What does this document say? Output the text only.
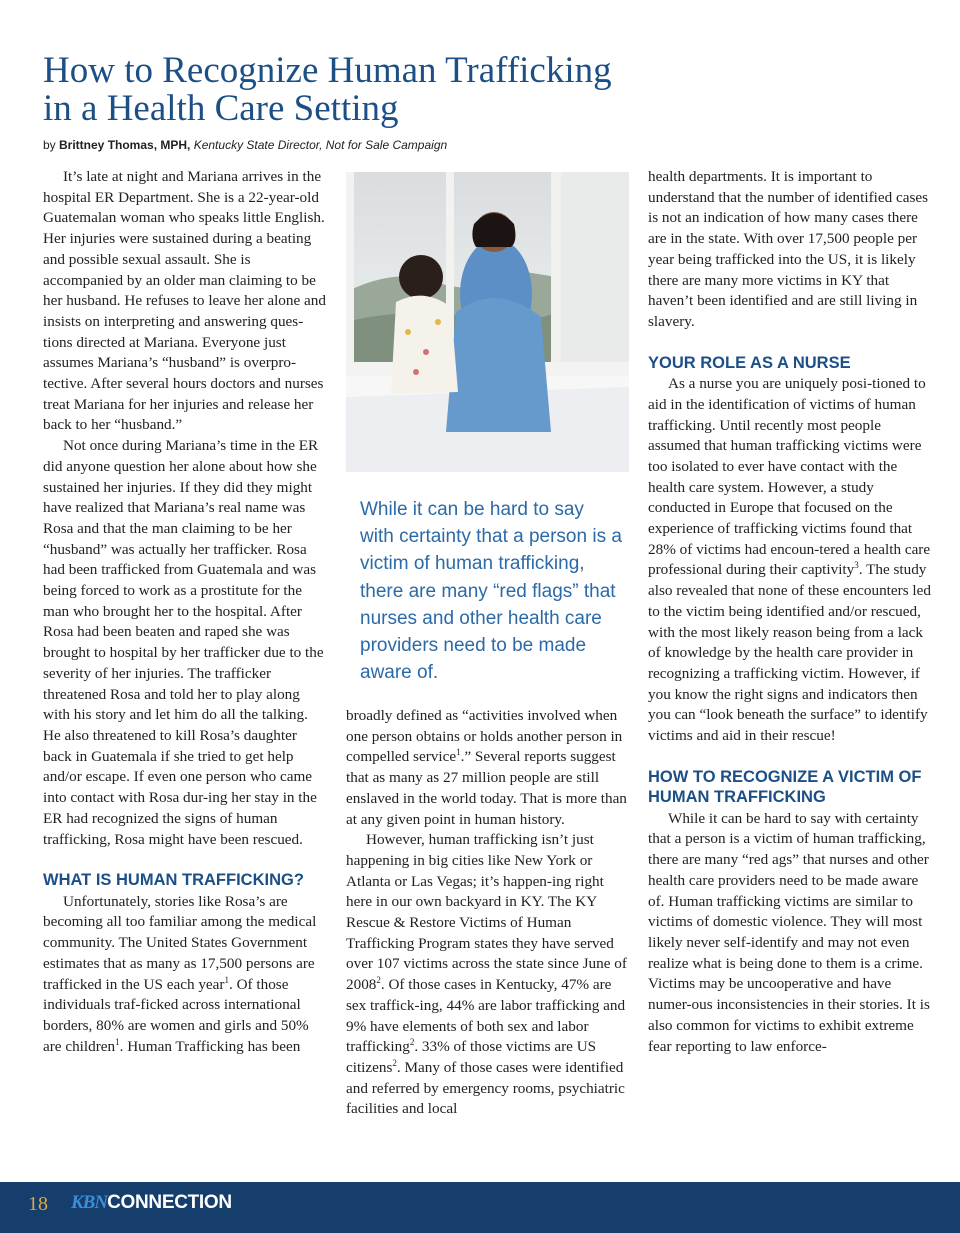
How to Recognize Human Trafficking
in a Health Care Setting
by Brittney Thomas, MPH, Kentucky State Director, Not for Sale Campaign

It’s late at night and Mariana arrives in the hospital ER Department. She is a 22-year-old Guatemalan woman who speaks little English. Her injuries were sustained during a beating and possible sexual assault. She is accompanied by an older man claiming to be her husband. He refuses to leave her alone and insists on interpreting and answering ques-tions directed at Mariana. Everyone just assumes Mariana’s “husband” is overpro-tective. After several hours doctors and nurses treat Mariana for her injuries and release her back to her “husband.”

Not once during Mariana’s time in the ER did anyone question her alone about how she sustained her injuries. If they did they might have realized that Mariana’s real name was Rosa and that the man claiming to be her “husband” was actually her trafficker. Rosa had been trafficked from Guatemala and was being forced to work as a prostitute for the man who brought her to the hospital. After Rosa had been beaten and raped she was brought to hospital by her trafficker due to the severity of her injuries. The trafficker threatened Rosa and told her to play along with his story and let him do all the talking. He also threatened to kill Rosa’s daughter back in Guatemala if she tried to get help and/or escape. If even one person who came into contact with Rosa dur-ing her stay in the ER had recognized the signs of human trafficking, Rosa might have been rescued.

WHAT IS HUMAN TRAFFICKING?

Unfortunately, stories like Rosa’s are becoming all too familiar among the medical community. The United States Government estimates that as many as 17,500 persons are trafficked in the US each year$^1$. Of those individuals traf-ficked across international borders, 80% are women and girls and 50% are children$^1$. Human Trafficking has been

While it can be hard to say with certainty that a person is a victim of human trafficking, there are many “red flags” that nurses and other health care providers need to be made aware of.

broadly defined as “activities involved when one person obtains or holds another person in compelled service$^1$.” Several reports suggest that as many as 27 million people are still enslaved in the world today. That is more than at any given point in human history.

However, human trafficking isn’t just happening in big cities like New York or Atlanta or Las Vegas; it’s happen-ing right here in our own backyard in KY. The KY Rescue & Restore Victims of Human Trafficking Program states they have served over 107 victims across the state since June of 2008$^2$. Of those cases in Kentucky, 47% are sex traffick-ing, 44% are labor trafficking and 9% have elements of both sex and labor trafficking$^2$. 33% of those victims are US citizens$^2$. Many of those cases were identified and referred by emergency rooms, psychiatric facilities and local

health departments. It is important to understand that the number of identified cases is not an indication of how many cases there are in the state. With over 17,500 people per year being trafficked into the US, it is likely there are many more victims in KY that haven’t been identified and are still living in slavery.

YOUR ROLE AS A NURSE

As a nurse you are uniquely posi-tioned to aid in the identification of victims of human trafficking. Until recently most people assumed that human trafficking victims were too isolated to ever have contact with the health care system. However, a study conducted in Europe that focused on the experience of trafficking victims found that 28% of victims had encoun-tered a health care professional during their captivity$^3$. The study also revealed that none of these encounters led to the victim being identified and/or rescued, with the most likely reason being from a lack of knowledge by the health care provider in recognizing a trafficking victim. However, if you know the right signs and indicators then you can “look beneath the surface” to identify victims and aid in their rescue!

HOW TO RECOGNIZE A VICTIM OF HUMAN TRAFFICKING

While it can be hard to say with certainty that a person is a victim of human trafficking, there are many “red ags” that nurses and other health care providers need to be made aware of. Human trafficking victims are similar to victims of domestic violence. They will most likely never self-identify and may not even realize what is being done to them is a crime. Victims may be uncooperative and have numer-ous inconsistencies in their stories. It is also common for victims to exhibit extreme fear reporting to law enforce-

18 KBNCONNECTION
